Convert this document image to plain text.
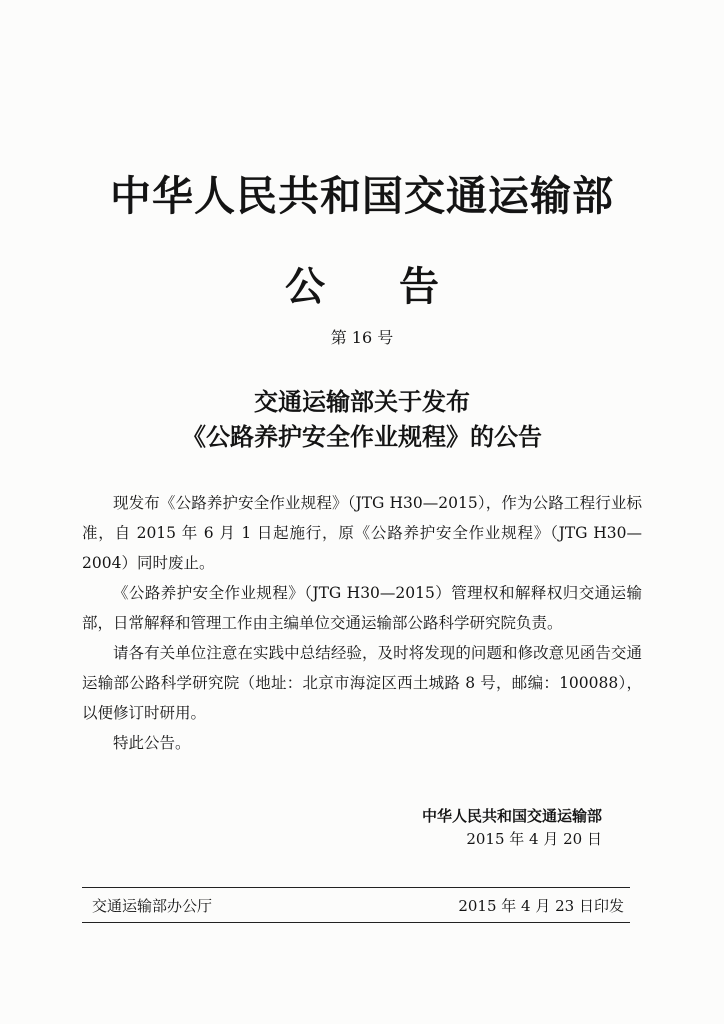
中华人民共和国交通运输部
公 告
第 16 号
交通运输部关于发布
《公路养护安全作业规程》的公告

现发布《公路养护安全作业规程》（JTG H30—2015），作为公路工程行业标准，自 2015 年 6 月 1 日起施行，原《公路养护安全作业规程》（JTG H30—2004）同时废止。

《公路养护安全作业规程》（JTG H30—2015）管理权和解释权归交通运输部，日常解释和管理工作由主编单位交通运输部公路科学研究院负责。

请各有关单位注意在实践中总结经验，及时将发现的问题和修改意见函告交通运输部公路科学研究院（地址：北京市海淀区西土城路 8 号，邮编：100088），以便修订时研用。

特此公告。

中华人民共和国交通运输部
2015 年 4 月 20 日
交通运输部办公厅	2015 年 4 月 23 日印发
